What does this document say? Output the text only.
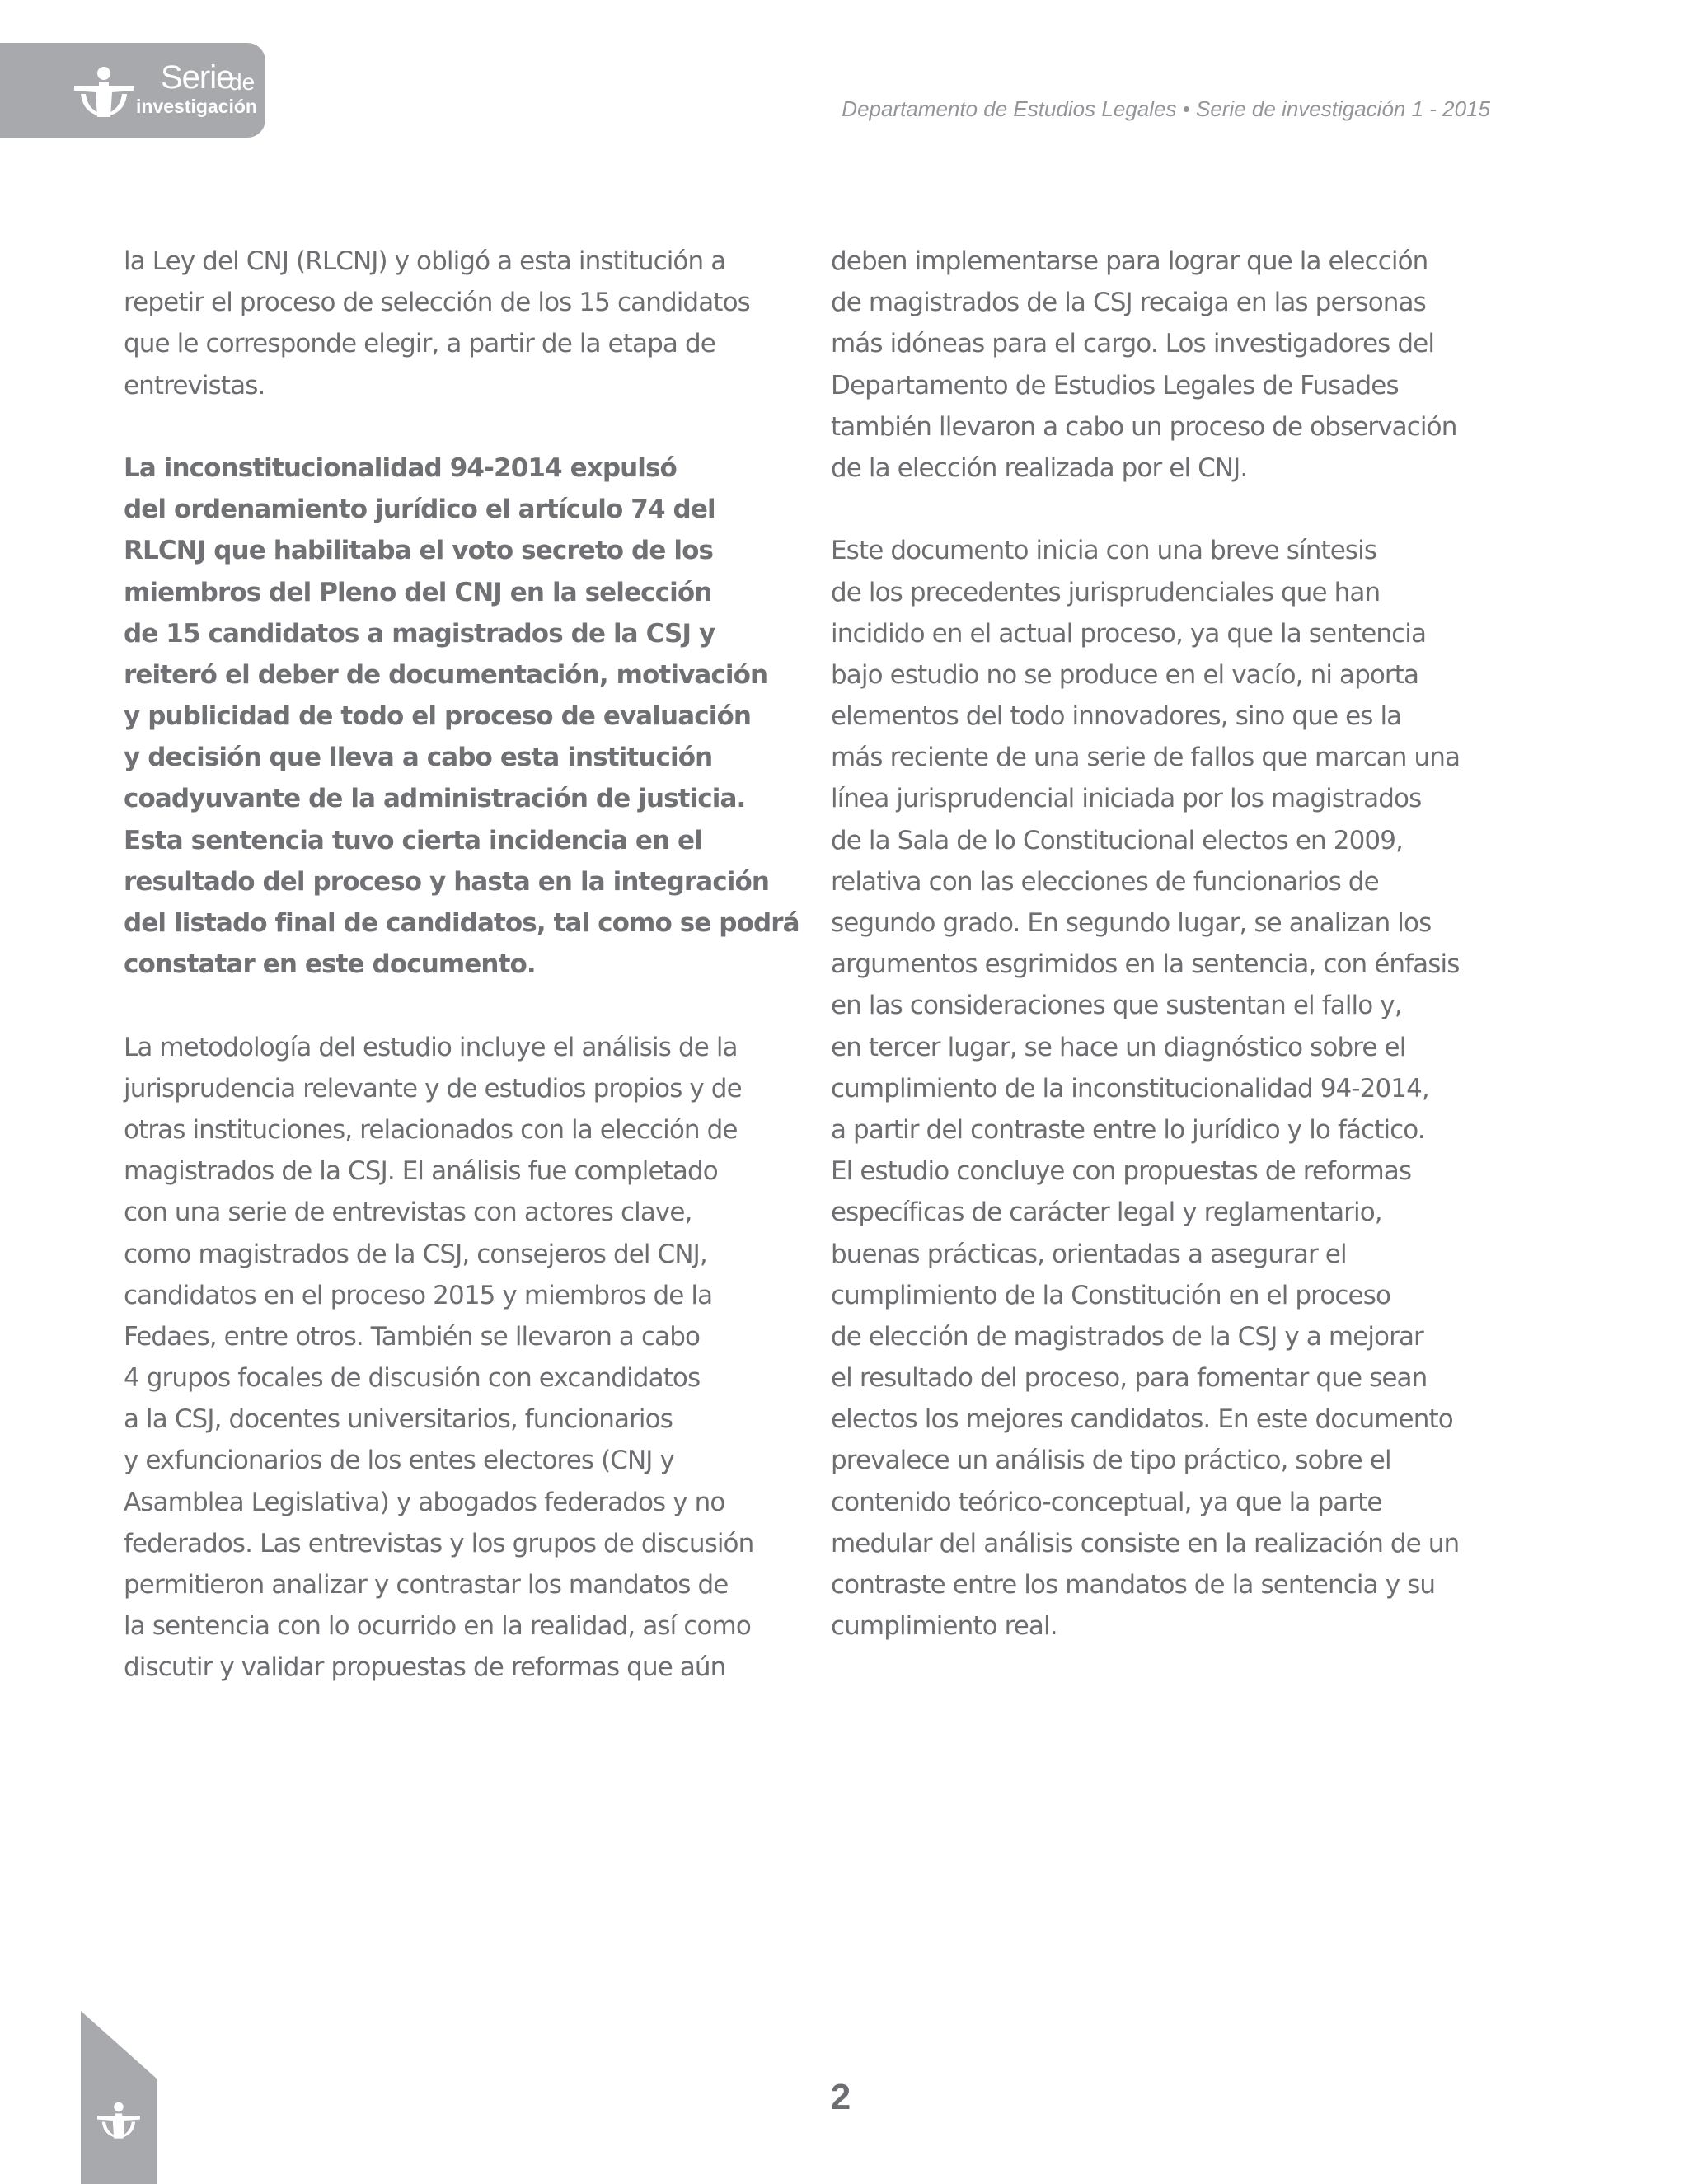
Serie
de
investigación	Departamento de Estudios Legales • Serie de investigación 1 - 2015
la Ley del CNJ (RLCNJ) y obligó a esta institución a
repetir el proceso de selección de los 15 candidatos
que le corresponde elegir, a partir de la etapa de
entrevistas.
La inconstitucionalidad 94-2014 expulsó
del ordenamiento jurídico el artículo 74 del
RLCNJ que habilitaba el voto secreto de los
miembros del Pleno del CNJ en la selección
de 15 candidatos a magistrados de la CSJ y
reiteró el deber de documentación, motivación
y publicidad de todo el proceso de evaluación
y decisión que lleva a cabo esta institución
coadyuvante de la administración de justicia.
Esta sentencia tuvo cierta incidencia en el
resultado del proceso y hasta en la integración
del listado final de candidatos, tal como se podrá
constatar en este documento.
La metodología del estudio incluye el análisis de la
jurisprudencia relevante y de estudios propios y de
otras instituciones, relacionados con la elección de
magistrados de la CSJ. El análisis fue completado
con una serie de entrevistas con actores clave,
como magistrados de la CSJ, consejeros del CNJ,
candidatos en el proceso 2015 y miembros de la
Fedaes, entre otros. También se llevaron a cabo
4 grupos focales de discusión con excandidatos
a la CSJ, docentes universitarios, funcionarios
y exfuncionarios de los entes electores (CNJ y
Asamblea Legislativa) y abogados federados y no
federados. Las entrevistas y los grupos de discusión
permitieron analizar y contrastar los mandatos de
la sentencia con lo ocurrido en la realidad, así como
discutir y validar propuestas de reformas que aún
deben implementarse para lograr que la elección
de magistrados de la CSJ recaiga en las personas
más idóneas para el cargo. Los investigadores del
Departamento de Estudios Legales de Fusades
también llevaron a cabo un proceso de observación
de la elección realizada por el CNJ.
Este documento inicia con una breve síntesis
de los precedentes jurisprudenciales que han
incidido en el actual proceso, ya que la sentencia
bajo estudio no se produce en el vacío, ni aporta
elementos del todo innovadores, sino que es la
más reciente de una serie de fallos que marcan una
línea jurisprudencial iniciada por los magistrados
de la Sala de lo Constitucional electos en 2009,
relativa con las elecciones de funcionarios de
segundo grado. En segundo lugar, se analizan los
argumentos esgrimidos en la sentencia, con énfasis
en las consideraciones que sustentan el fallo y,
en tercer lugar, se hace un diagnóstico sobre el
cumplimiento de la inconstitucionalidad 94-2014,
a partir del contraste entre lo jurídico y lo fáctico.
El estudio concluye con propuestas de reformas
específicas de carácter legal y reglamentario,
buenas prácticas, orientadas a asegurar el
cumplimiento de la Constitución en el proceso
de elección de magistrados de la CSJ y a mejorar
el resultado del proceso, para fomentar que sean
electos los mejores candidatos. En este documento
prevalece un análisis de tipo práctico, sobre el
contenido teórico-conceptual, ya que la parte
medular del análisis consiste en la realización de un
contraste entre los mandatos de la sentencia y su
cumplimiento real.
2
